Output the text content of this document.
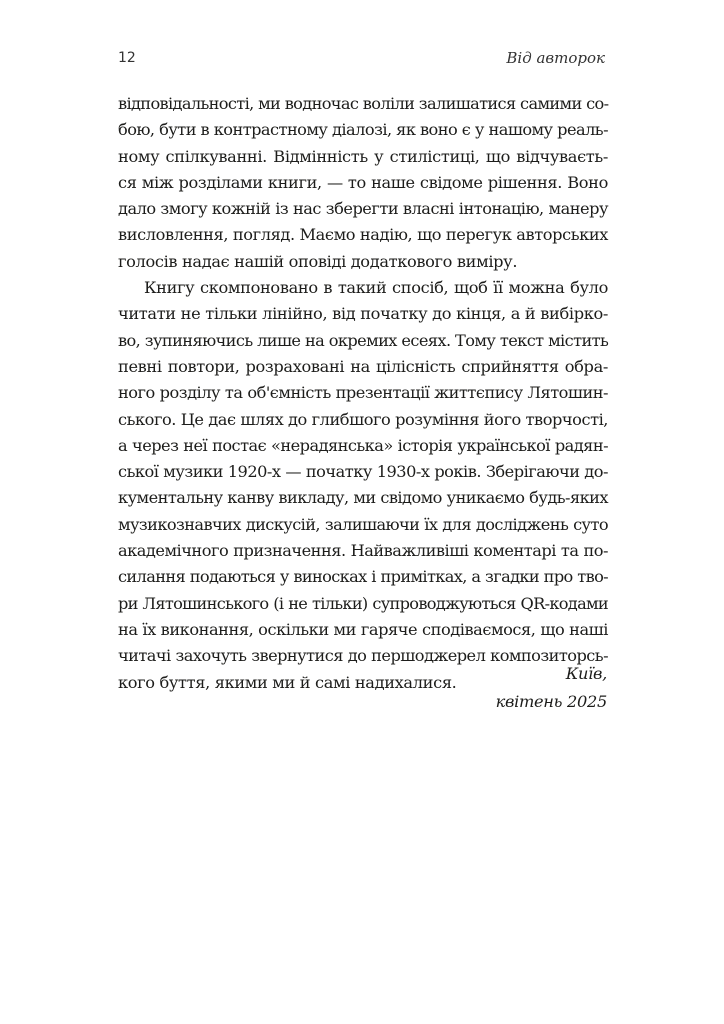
12	Від авторок
відповідальності, ми водночас воліли залишатися самими со-
бою, бути в контрастному діалозі, як воно є у нашому реаль-
ному спілкуванні. Відмінність у стилістиці, що відчуваєть-
ся між розділами книги, — то наше свідоме рішення. Воно
дало змогу кожній із нас зберегти власні інтонацію, манеру
висловлення, погляд. Маємо надію, що перегук авторських
голосів надає нашій оповіді додаткового виміру.
Книгу скомпоновано в такий спосіб, щоб її можна було
читати не тільки лінійно, від початку до кінця, а й вибірко-
во, зупиняючись лише на окремих есеях. Тому текст містить
певні повтори, розраховані на цілісність сприйняття обра-
ного розділу та об'ємність презентації життєпису Лятошин-
ського. Це дає шлях до глибшого розуміння його творчості,
а через неї постає «нерадянська» історія української радян-
ської музики 1920-х — початку 1930-х років. Зберігаючи до-
кументальну канву викладу, ми свідомо уникаємо будь-яких
музикознавчих дискусій, залишаючи їх для досліджень суто
академічного призначення. Найважливіші коментарі та по-
силання подаються у виносках і примітках, а згадки про тво-
ри Лятошинського (і не тільки) супроводжуються QR-кодами
на їх виконання, оскільки ми гаряче сподіваємося, що наші
читачі захочуть звернутися до першоджерел композиторсь-
кого буття, якими ми й самі надихалися.	Київ,
квітень 2025
